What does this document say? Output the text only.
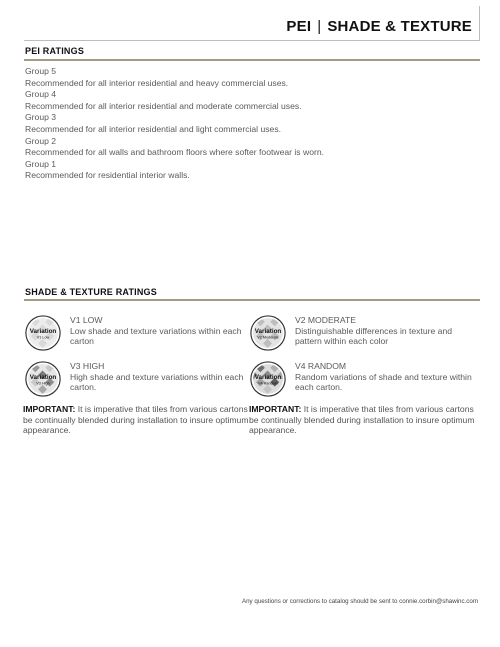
PEI | SHADE & TEXTURE
PEI RATINGS
Group 5
Recommended for all interior residential and heavy commercial uses.
Group 4
Recommended for all interior residential and moderate commercial uses.
Group 3
Recommended for all interior residential and light commercial uses.
Group 2
Recommended for all walls and bathroom floors where softer footwear is worn.
Group 1
Recommended for residential interior walls.
SHADE & TEXTURE RATINGS
Variation
V1 Low
V1 LOW
Low shade and texture variations within each carton
Variation
V2 Moderate
V2 MODERATE
Distinguishable differences in texture and pattern within each color
Variation
V3 High
V3 HIGH
High shade and texture variations within each carton.
Variation
V4 Random
V4 RANDOM
Random variations of shade and texture within each carton.
IMPORTANT: It is imperative that tiles from various cartons be continually blended during installation to insure optimum appearance.
IMPORTANT: It is imperative that tiles from various cartons be continually blended during installation to insure optimum appearance.
Any questions or corrections to catalog should be sent to connie.corbin@shawinc.com
